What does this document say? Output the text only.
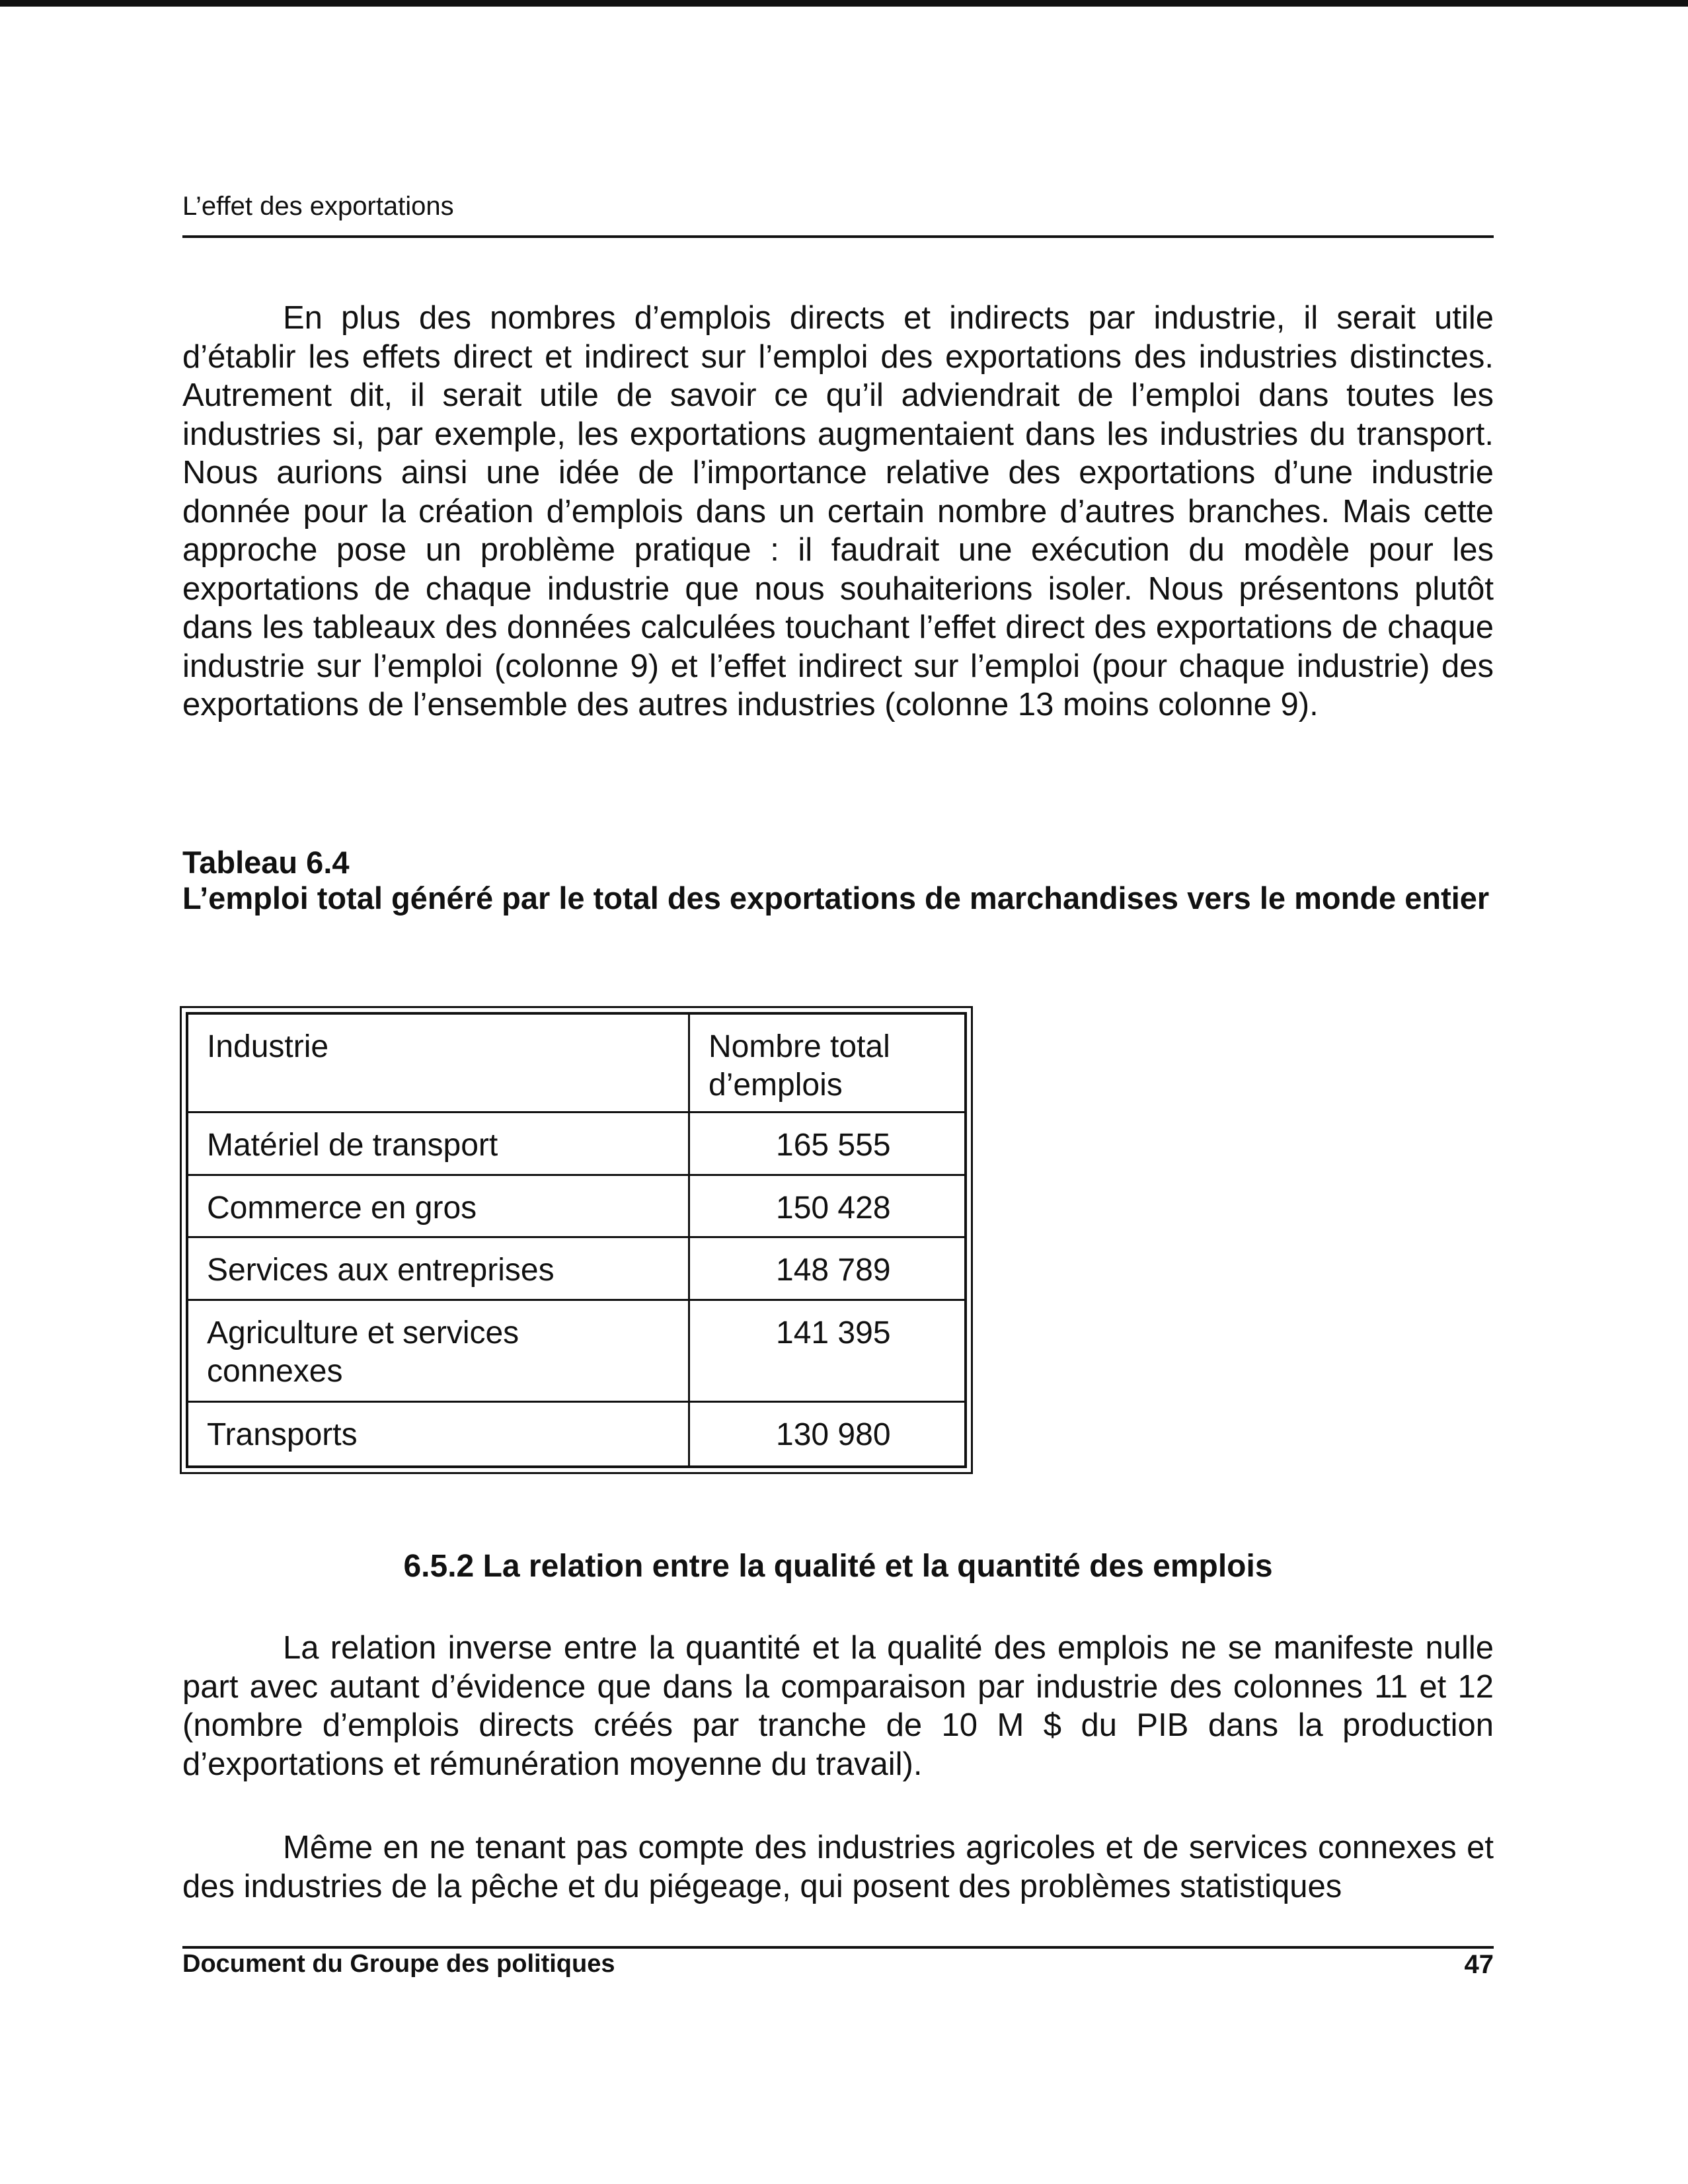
L’effet des exportations

En plus des nombres d’emplois directs et indirects par industrie, il serait utile d’établir les effets direct et indirect sur l’emploi des exportations des industries distinctes. Autrement dit, il serait utile de savoir ce qu’il adviendrait de l’emploi dans toutes les industries si, par exemple, les exportations augmentaient dans les industries du transport. Nous aurions ainsi une idée de l’importance relative des exportations d’une industrie donnée pour la création d’emplois dans un certain nombre d’autres branches. Mais cette approche pose un problème pratique : il faudrait une exécution du modèle pour les exportations de chaque industrie que nous souhaiterions isoler. Nous présentons plutôt dans les tableaux des données calculées touchant l’effet direct des exportations de chaque industrie sur l’emploi (colonne 9) et l’effet indirect sur l’emploi (pour chaque industrie) des exportations de l’ensemble des autres industries (colonne 13 moins colonne 9).

Tableau 6.4
L’emploi total généré par le total des exportations de marchandises vers le monde entier
Industrie	Nombre total
d’emplois
Matériel de transport	165 555
Commerce en gros	150 428
Services aux entreprises	148 789
Agriculture et services
connexes	141 395
Transports	130 980
6.5.2 La relation entre la qualité et la quantité des emplois

La relation inverse entre la quantité et la qualité des emplois ne se manifeste nulle part avec autant d’évidence que dans la comparaison par industrie des colonnes 11 et 12 (nombre d’emplois directs créés par tranche de 10 M $ du PIB dans la production d’exportations et rémunération moyenne du travail).

Même en ne tenant pas compte des industries agricoles et de services connexes et des industries de la pêche et du piégeage, qui posent des problèmes statistiques

Document du Groupe des politiques	47
